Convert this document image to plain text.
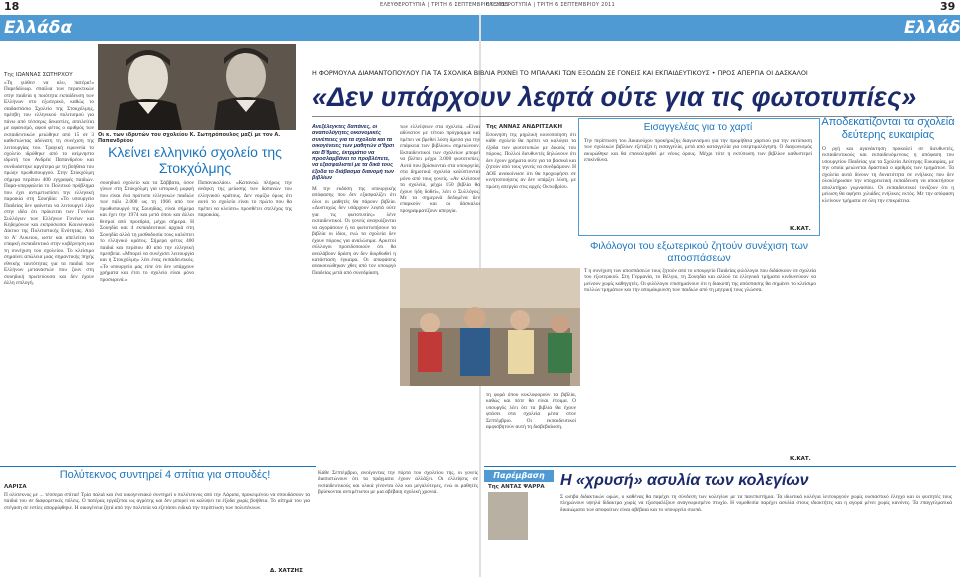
18	ΕΛΕΥΘΕΡΟΤΥΠΙΑ | ΤΡΙΤΗ 6 ΣΕΠΤΕΜΒΡΙΟΥ 2011
ΕΛΕΥΘΕΡΟΤΥΠΙΑ | ΤΡΙΤΗ 6 ΣΕΠΤΕΜΒΡΙΟΥ 2011	39
Ελλάδα	Ελλάδα
Της ΙΩΑΝΝΑΣ ΣΩΤΗΡΧΟΥ
«Τη γιόθεσ να αλυ, πατέρα!» Παρεδάλιωρ. σπαίλια των περιεκτικών στην παιδεία η ποιότητα εκπαίδευση των Ελλήνων στο εξωτερικό, καθώς το σαιδαστάσιο Σχολείο της Στοκχόλμης, πρέσβη του ελληνικού πολιτισμού για πάνω από τέσσερις δεκαετίες, απειλείται με αφανισμό, αφού φέτος ο αριθμός των εκπαιδευτικών μειώθηκε από 15 σε 3 καθιστώντας αδύνατη τη συνέχιση της λειτουργίας του. Τραγική ειρωνεία το σχολείο ιδρύθηκε από το αείμνηστο ιδρυτή του Ανδρέα Παπανδρέου και συνδυάστηκε αργότερα με τη βοήθεια του πρώην πρωθυπουργού. Στην Στοκχόλμη σήμερα περίπου 400 εγγραφές παιδιών. Παρα-υπερφαλεία το Πολιτικό πρόβλημα που έχει αντιμετωπίσει την ελληνική παροικία στη Σουηδία: «Το υπουργείο Παιδείας δεν φαίνεται να λειτουργεί λίγο στην ιδέα ότι πρόκειται των Γονέων Συλλόγων των Ελλήνων Γονέων και Κηδεμόνων και εκπρόσωποι Κοινωνικού Δίκτυο της Πολιτιστικής Ενότητας. Από το Α' Λυκειου, ωστε και απελείται τα επαρκή εκπαιδευτικό στην κυβέρνηση και τη συνέχιση του σχολείου. Το κλείσιμο σημαίνει απώλεια μιας σημαντικής πηγής εθνικής ταυτότητας για τα παιδιά των Ελλήνων μεταναστών που ζουν στη σουηδική πρωτεύουσα και δεν έχουν άλλη επιλογή.
Οι κ. των ιδρυτών του σχολείου Κ. Σωτηρόπουλος μαζί με τον Α. Παπανδρέου
Κλείνει ελληνικό σχολείο της Στοκχόλμης
σουηδικό σχολείο και τα Σάββατα, όσον γίνων στη Στοκχόλμη για ιστορική μορφή που είναι ένα πρότυπο ελληνικών παιδιών των πάλι 2.000 ως τη 1966 από τον πρωθυπουργό της Σουηδίας, είναι σήμερα και έχει την 1974 και μετά όπου και άλλοι θεσμοί από προεδρία, μέχρι σήμερα. Η Σουηδία και 4 εκπαιδευτικοί αρχικά στη Σουηδία αλλά τη μισθοδοσία τους καλύπτει το ελληνικό κράτος. Σήμερα φέτος 400 παιδιά και περίπου 40 από την ελληνική πρεσβεία. «Μπορεί να συνέχισει λειτουργία και η Στοκχόλμη» λέει ένας εκπαιδευτικός. «Το υπουργείο μας είπε ότι δεν υπάρχουν χρήματα και έτσι το σχολείο είναι μόνο προσωρινά.»
Παπανικολάου. «Κατανοώ πλήρως την ανάγκη της μείωσης των δαπανών του ελληνικού κράτους. Δεν νομίζω όμως ότι αυτό το σχολείο είναι το πρώτο που θα πρέπει να κλείσει» προσθέτει στελέχος της παροικίας.
Πολύτεκνος συντηρεί 4 σπίτια για σπουδές!
ΛΑΡΙΣΑ
Π ολύτεκνος με ... τέσσερα σπίτια! Τρία παλιά και ένα οικογενειακό συντηρεί ο πολύτεκνος από την Λάρισα, προκειμένου να σπουδάσουν τα παιδιά του σε διαφορετικές πόλεις. Ο πατέρας εργάζεται ως αγρότης και δεν μπορεί να καλύψει τα έξοδα χωρίς βοήθεια. Το αίτημά του για στέγαση σε εστίες απορρίφθηκε. Η οικογένεια ζητά από την πολιτεία να εξετάσει ειδικά την περίπτωση των πολυτέκνων.
Δ. ΧΑΤΖΗΣ
Κάθε Σεπτέμβριο, ανοίγοντας την πόρτα του σχολείου της, οι γονείς διαπιστώνουν ότι τα πράγματα έχουν αλλάξει. Οι ελλείψεις σε εκπαιδευτικούς και υλικά γίνονται όλο και μεγαλύτερες, ενώ οι μαθητές βρίσκονται αντιμέτωποι με μια αβέβαιη σχολική χρονιά.
Η ΦΟΡΜΟΥΛΑ ΔΙΑΜΑΝΤΟΠΟΥΛΟΥ ΓΙΑ ΤΑ ΣΧΟΛΙΚΑ ΒΙΒΛΙΑ ΡΙΧΝΕΙ ΤΟ ΜΠΑΛΑΚΙ ΤΩΝ ΕΞΟΔΩΝ ΣΕ ΓΟΝΕΙΣ ΚΑΙ ΕΚΠΑΙΔΕΥΤΙΚΟΥΣ • ΠΡΟΣ ΑΠΕΡΓΙΑ ΟΙ ΔΑΣΚΑΛΟΙ
«Δεν υπάρχουν λεφτά ούτε για τις φωτοτυπίες»
Ανεξέλεγκτες δαπάνες, οι αναπολόγητες οικονομικές συνέπειες για τα σχολεία και τα οικογένειες των μαθητών σ'θρσι και Β'θμας, έκτρμάτιο να προσλαμβάνει το προβλέπετε, να εξασφαλιστεί με τα δικά τους έξοδα το διάβασμα διανομή των βιβλίων
Μ την εκδόση της υπουργικής απόφασης που δεν εξασφαλίζει ότι όλοι οι μαθητές θα πάρουν βιβλία. «Δυστυχώς δεν υπάρχουν λεφτά ούτε για τις φωτοτυπίες» λένε εκπαιδευτικοί. Οι γονείς αναγκάζονται να αγοράσουν ή να φωτοτυπήσουν τα βιβλία οι ίδιοι, ενώ τα σχολεία δεν έχουν πόρους για αναλώσιμα. Αρκετοί σύλλογοι προειδοποιούν ότι θα αναλάβουν δράση αν δεν διορθωθεί η κατάσταση έγκαιρα. Οι αποφάσεις ανακοινώθηκαν χθες από τον υπουργό Παιδείας μετά από συνεδρίαση.
των ελλείψεων στα σχολεία. «Είναι αδύνατον με τέτοιο πρόγραμμα και πρέπει να βρεθεί λύση άμεσα για την επάρκεια των βιβλίων» σημειώνουν. Εκπαιδευτικοί των σχολείων μπορεί να βλέπει μέχρι 3.000 φωτοτυπίες. Αυτά που βρίσκονται στα υπουργεία, στα δημοτικά σχολεία καλύπτονται μόνο από τους γονείς. «Αν κλείσουν τα σχολεία, μέχρι 150 βιβλία θα έχουν ήδη δοθεί», λέει ο Συλλόγος. Με τα σημερινά δεδομένα δεν επαρκούν και οι δάσκαλοι προγραμματίζουν απεργία.
Της ΑΝΝΑΣ ΑΝΔΡΙΤΣΑΚΗ
Εσοινηση της μηρλική κοινοποίηση ότι κάθε σχολείο θα πρέπει να καλύψει τα έξοδα των φωτοτυπιών με δικούς του πόρους. Πολλοί διευθυντές δηλώνουν ότι δεν έχουν χρήματα ούτε για τα βασικά και ζητούν από τους γονείς να συνδράμουν. Η ΔΟΕ ανακοίνωσε ότι θα προχωρήσει σε κινητοποιήσεις αν δεν υπάρξει λύση, με πρώτη απεργία στις αρχές Οκτωβρίου.
τη φορά όπου κυκλοφορούν τα βιβλία, καθώς και πότε θα είναι έτοιμα. Ο υπουργός λέει ότι τα βιβλία θα έχουν φτάσει στα σχολεία μέσα στον Σεπτέμβριο. Οι εκπαιδευτικοί αμφισβητούν αυτή τη διαβεβαίωση.
Εισαγγελέας για το χαρτί
Την περίπτωση του Δικαιούχου προκήρυξης διαγωνισμού για την προμήθεια χαρτιού για την εκτύπωση των σχολικών βιβλίων εξετάζει η εισαγγελία, μετά από καταγγελία για υπερτιμολόγηση. Ο διαγωνισμός ακυρώθηκε και θα επαναληφθεί με νέους όρους. Μέχρι τότε η εκτύπωση των βιβλίων καθυστερεί επικίνδυνα.
Κ.ΚΑΤ.
Αποδεκατίζονται τα σχολεία δεύτερης ευκαιρίας
Ο ργή και αγανάκτηση προκαλεί σε διευθυντές, εκπαιδευτικούς και εκπαιδευόμενους η απόφαση του υπουργείου Παιδείας για τα Σχολεία Δεύτερης Ευκαιρίας, με την οποία μειώνεται δραστικά ο αριθμός των τμημάτων. Τα σχολεία αυτά δίνουν τη δυνατότητα σε ενήλικες που δεν ολοκλήρωσαν την υποχρεωτική εκπαίδευση να αποκτήσουν απολυτήριο γυμνασίου. Οι εκπαιδευτικοί τονίζουν ότι η μείωση θα αφήσει χιλιάδες ενήλικες εκτός. Με την απόφαση κλείνουν τμήματα σε όλη την επικράτεια.
Φιλόλογοι του εξωτερικού ζητούν συνέχιση των αποσπάσεων
Τ η συνέχιση των αποσπάσεών τους ζητούν από το υπουργείο Παιδείας φιλόλογοι που διδάσκουν σε σχολεία του εξωτερικού. Στη Γερμανία, το Βέλγιο, τη Σουηδία και αλλού τα ελληνικά τμήματα κινδυνεύουν να μείνουν χωρίς καθηγητές. Οι φιλόλογοι επισημαίνουν ότι η διακοπή της απόσπασης θα σημάνει το κλείσιμο πολλών τμημάτων και την απομάκρυνση των παιδιών από τη μητρική τους γλώσσα.
Κ.ΚΑΤ.
Παρέμβαση
Της ΑΝΤΑΣ ΨΑΡΡΑ Η «χρυσή» ασυλία των κολεγίων
Σ ωσιβα διδακτικών ωρών, ο καθένας θα παρέχει τη σύνδεση των κολεγίων με τα πανεπιστήμια. Τα ιδιωτικά κολέγια λειτουργούν χωρίς ουσιαστικό έλεγχο και οι φοιτητές τους πληρώνουν υψηλά δίδακτρα χωρίς να εξασφαλίζουν αναγνωρισμένο πτυχίο. Η νομοθεσία παρέχει ασυλία στους ιδιοκτήτες και η αγορά μένει χωρίς κανόνες. Τα επαγγελματικά δικαιώματα των αποφοίτων είναι αβέβαια και το υπουργείο σιωπά.
